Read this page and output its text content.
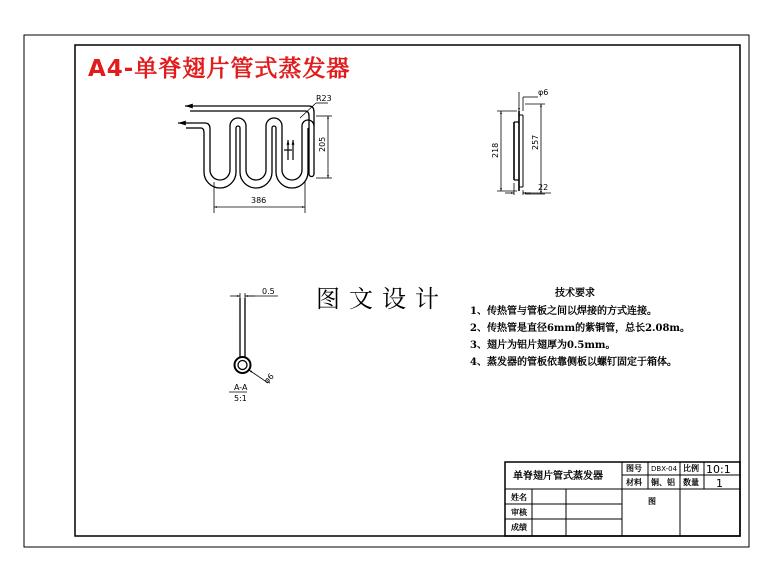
R23
205
386
φ6
218
257
22
0.5
φ6
A-A
5:1
单脊翅片管式蒸发器
图号 DBX-04 比例 10:1
材料 铜、铝 数量 1
图
姓名
审核
成绩
A4-单脊翅片管式蒸发器
图文设计	技术要求
1、传热管与管板之间以焊接的方式连接。
2、传热管是直径6mm的紫铜管，总长2.08m。
3、翅片为铝片翅厚为0.5mm。
4、蒸发器的管板依靠侧板以螺钉固定于箱体。
